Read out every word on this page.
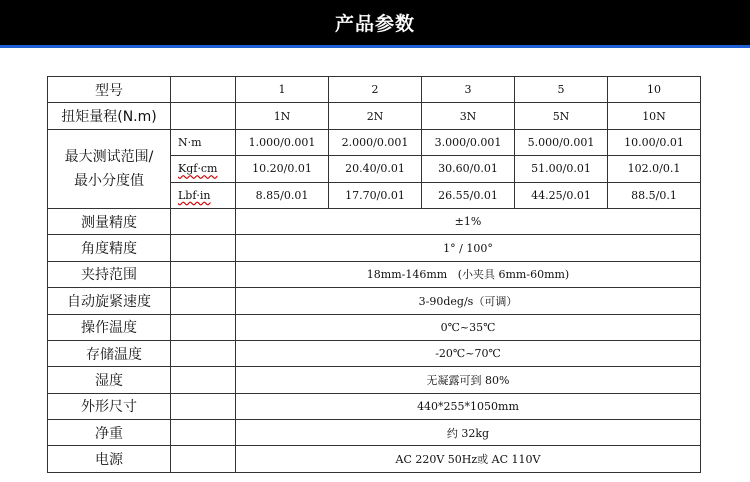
产品参数
型号		1	2	3	5	10
扭矩量程(N.m)		1N	2N	3N	5N	10N
最大测试范围/
最小分度值	N·m	1.000/0.001	2.000/0.001	3.000/0.001	5.000/0.001	10.00/0.01
	Kgf·cm	10.20/0.01	20.40/0.01	30.60/0.01	51.00/0.01	102.0/0.1
	Lbf·in	8.85/0.01	17.70/0.01	26.55/0.01	44.25/0.01	88.5/0.1
测量精度		±1%				
角度精度		1° / 100°				
夹持范围		18mm-146mm   (小夹具 6mm-60mm)				
自动旋紧速度		3-90deg/s（可调）				
操作温度		0℃~35℃				
存储温度		-20℃~70℃				
湿度		无凝露可到 80%				
外形尺寸		440*255*1050mm				
净重		约 32kg				
电源		AC 220V 50Hz或 AC 110V				
